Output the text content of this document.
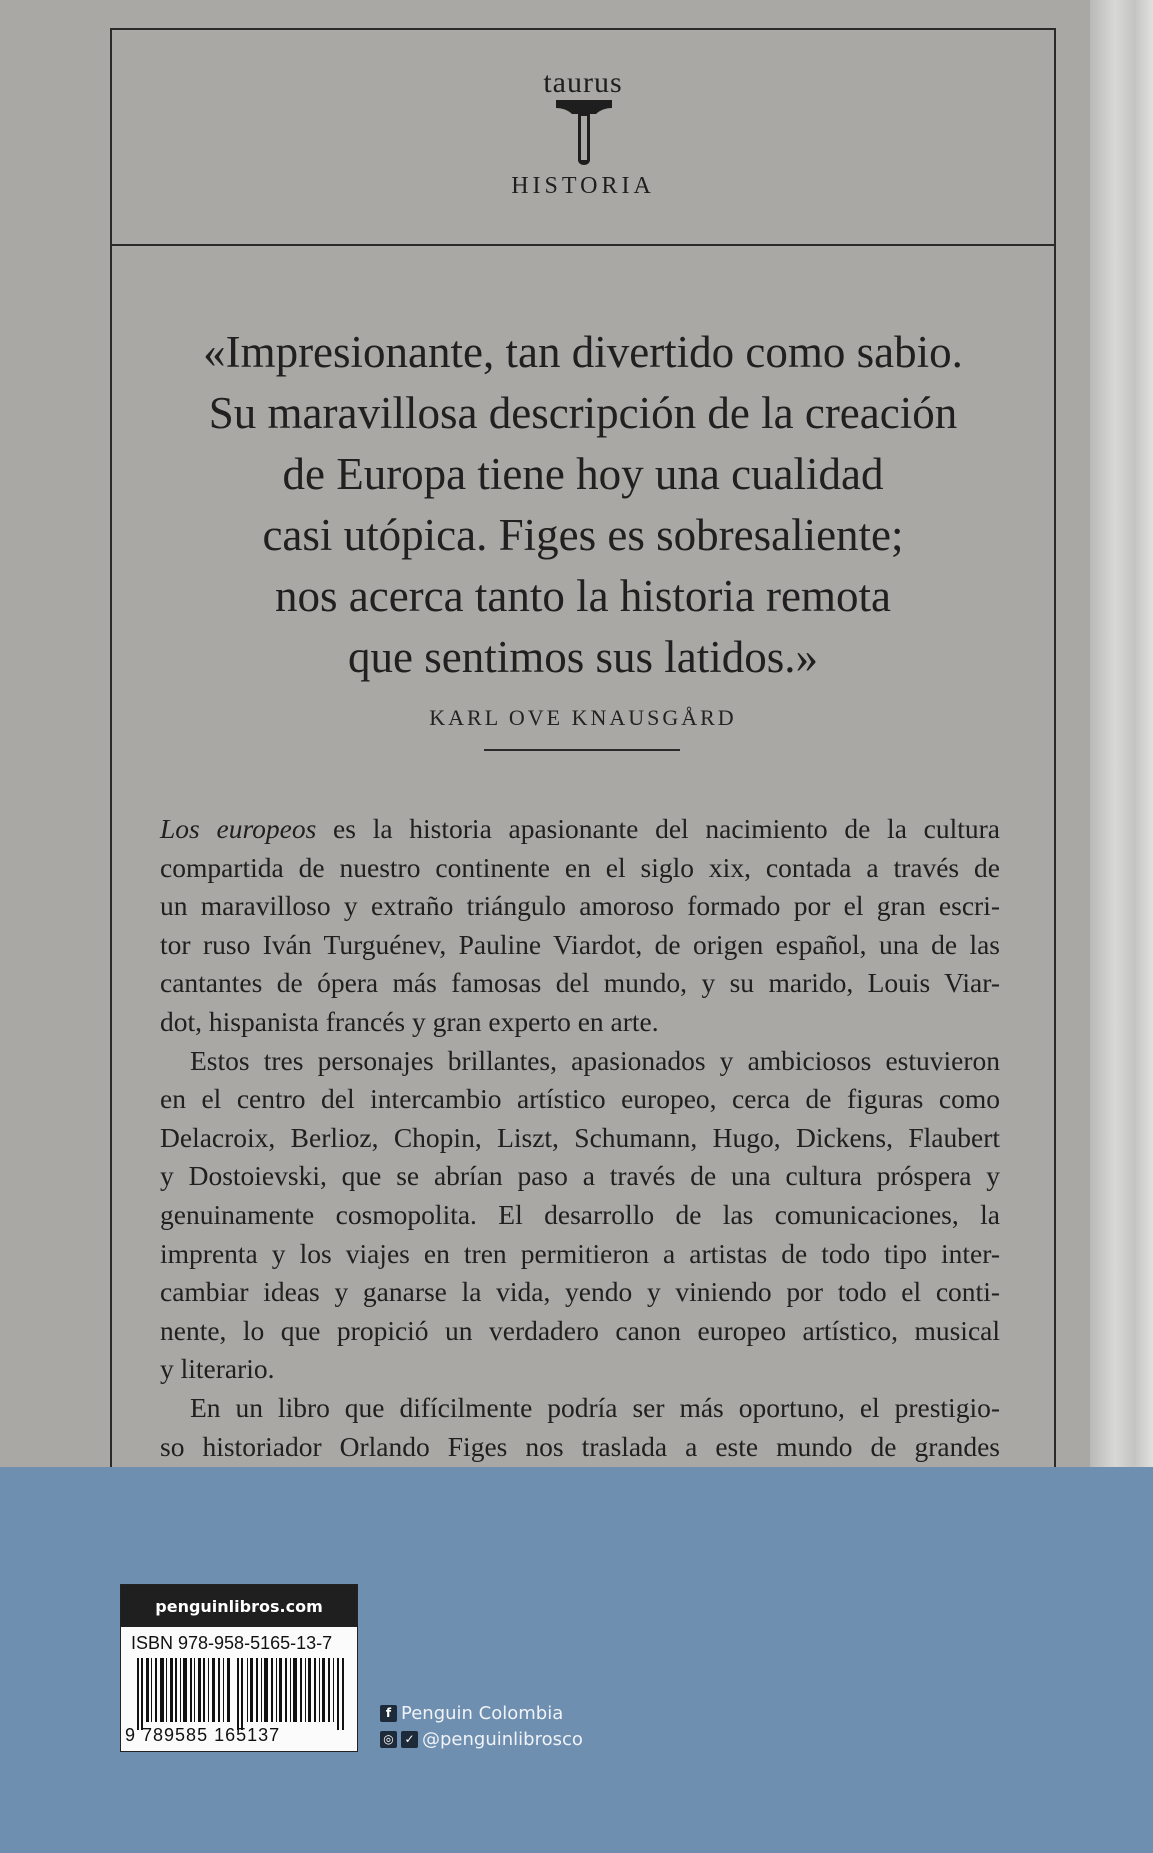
taurus
HISTORIA
«Impresionante, tan divertido como sabio.
Su maravillosa descripción de la creación
de Europa tiene hoy una cualidad
casi utópica. Figes es sobresaliente;
nos acerca tanto la historia remota
que sentimos sus latidos.»
KARL OVE KNAUSGÅRD
Los europeos es la historia apasionante del nacimiento de la cultura
compartida de nuestro continente en el siglo xix, contada a través de
un maravilloso y extraño triángulo amoroso formado por el gran escri-
tor ruso Iván Turguénev, Pauline Viardot, de origen español, una de las
cantantes de ópera más famosas del mundo, y su marido, Louis Viar-
dot, hispanista francés y gran experto en arte.
Estos tres personajes brillantes, apasionados y ambiciosos estuvieron
en el centro del intercambio artístico europeo, cerca de figuras como
Delacroix, Berlioz, Chopin, Liszt, Schumann, Hugo, Dickens, Flaubert
y Dostoievski, que se abrían paso a través de una cultura próspera y
genuinamente cosmopolita. El desarrollo de las comunicaciones, la
imprenta y los viajes en tren permitieron a artistas de todo tipo inter-
cambiar ideas y ganarse la vida, yendo y viniendo por todo el conti-
nente, lo que propició un verdadero canon europeo artístico, musical
y literario.
En un libro que difícilmente podría ser más oportuno, el prestigio-
so historiador Orlando Figes nos traslada a este mundo de grandes
penguinlibros.com
ISBN 978-958-5165-13-7
9 789585 165137
f Penguin Colombia
◎ ✓ @penguinlibrosco
